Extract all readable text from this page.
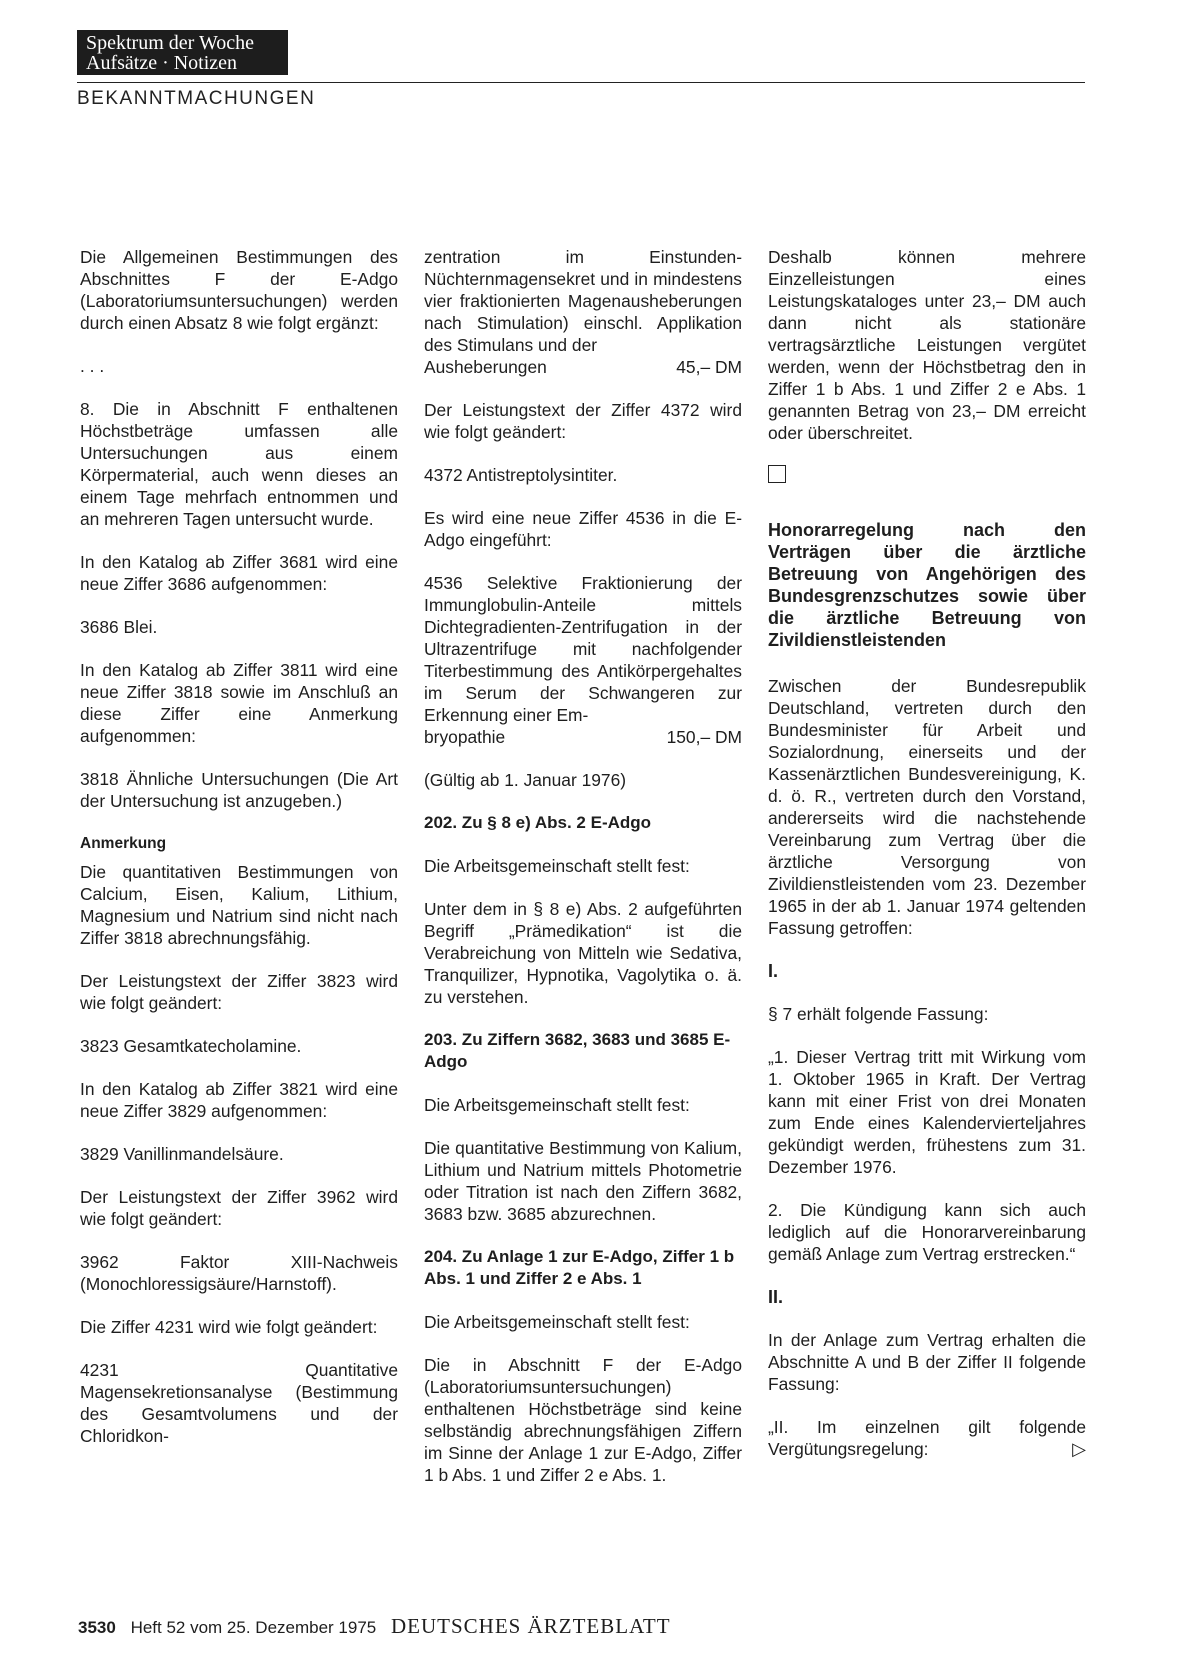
Spektrum der Woche
Aufsätze · Notizen
BEKANNTMACHUNGEN

Die Allgemeinen Bestimmungen des Abschnittes F der E-Adgo (Laboratoriumsuntersuchungen) werden durch einen Absatz 8 wie folgt ergänzt:

. . .

8. Die in Abschnitt F enthaltenen Höchstbeträge umfassen alle Untersuchungen aus einem Körpermaterial, auch wenn dieses an einem Tage mehrfach entnommen und an mehreren Tagen untersucht wurde.

In den Katalog ab Ziffer 3681 wird eine neue Ziffer 3686 aufgenommen:

3686 Blei.

In den Katalog ab Ziffer 3811 wird eine neue Ziffer 3818 sowie im Anschluß an diese Ziffer eine Anmerkung aufgenommen:

3818 Ähnliche Untersuchungen (Die Art der Untersuchung ist anzugeben.)

Anmerkung

Die quantitativen Bestimmungen von Calcium, Eisen, Kalium, Lithium, Magnesium und Natrium sind nicht nach Ziffer 3818 abrechnungsfähig.

Der Leistungstext der Ziffer 3823 wird wie folgt geändert:

3823 Gesamtkatecholamine.

In den Katalog ab Ziffer 3821 wird eine neue Ziffer 3829 aufgenommen:

3829 Vanillinmandelsäure.

Der Leistungstext der Ziffer 3962 wird wie folgt geändert:

3962 Faktor XIII-Nachweis (Monochloressigsäure/Harnstoff).

Die Ziffer 4231 wird wie folgt geändert:

4231 Quantitative Magensekretionsanalyse (Bestimmung des Gesamtvolumens und der Chloridkon-

zentration im Einstunden-Nüchternmagensekret und in mindestens vier fraktionierten Magenausheberungen nach Stimulation) einschl. Applikation des Stimulans und der

Ausheberungen	45,– DM

Der Leistungstext der Ziffer 4372 wird wie folgt geändert:

4372 Antistreptolysintiter.

Es wird eine neue Ziffer 4536 in die E-Adgo eingeführt:

4536 Selektive Fraktionierung der Immunglobulin-Anteile mittels Dichtegradienten-Zentrifugation in der Ultrazentrifuge mit nachfolgender Titerbestimmung des Antikörpergehaltes im Serum der Schwangeren zur Erkennung einer Em-

bryopathie	150,– DM

(Gültig ab 1. Januar 1976)

202. Zu § 8 e) Abs. 2 E-Adgo

Die Arbeitsgemeinschaft stellt fest:

Unter dem in § 8 e) Abs. 2 aufgeführten Begriff „Prämedikation“ ist die Verabreichung von Mitteln wie Sedativa, Tranquilizer, Hypnotika, Vagolytika o. ä. zu verstehen.

203. Zu Ziffern 3682, 3683 und 3685 E-Adgo

Die Arbeitsgemeinschaft stellt fest:

Die quantitative Bestimmung von Kalium, Lithium und Natrium mittels Photometrie oder Titration ist nach den Ziffern 3682, 3683 bzw. 3685 abzurechnen.

204. Zu Anlage 1 zur E-Adgo, Ziffer 1 b Abs. 1 und Ziffer 2 e Abs. 1

Die Arbeitsgemeinschaft stellt fest:

Die in Abschnitt F der E-Adgo (Laboratoriumsuntersuchungen) enthaltenen Höchstbeträge sind keine selbständig abrechnungsfähigen Ziffern im Sinne der Anlage 1 zur E-Adgo, Ziffer 1 b Abs. 1 und Ziffer 2 e Abs. 1.

Deshalb können mehrere Einzelleistungen eines Leistungskataloges unter 23,– DM auch dann nicht als stationäre vertragsärztliche Leistungen vergütet werden, wenn der Höchstbetrag den in Ziffer 1 b Abs. 1 und Ziffer 2 e Abs. 1 genannten Betrag von 23,– DM erreicht oder überschreitet.

Honorarregelung nach den Verträgen über die ärztliche Betreuung von Angehörigen des Bundesgrenzschutzes sowie über die ärztliche Betreuung von Zivildienstleistenden

Zwischen der Bundesrepublik Deutschland, vertreten durch den Bundesminister für Arbeit und Sozialordnung, einerseits und der Kassenärztlichen Bundesvereinigung, K. d. ö. R., vertreten durch den Vorstand, andererseits wird die nachstehende Vereinbarung zum Vertrag über die ärztliche Versorgung von Zivildienstleistenden vom 23. Dezember 1965 in der ab 1. Januar 1974 geltenden Fassung getroffen:

I.

§ 7 erhält folgende Fassung:

„1. Dieser Vertrag tritt mit Wirkung vom 1. Oktober 1965 in Kraft. Der Vertrag kann mit einer Frist von drei Monaten zum Ende eines Kalendervierteljahres gekündigt werden, frühestens zum 31. Dezember 1976.

2. Die Kündigung kann sich auch lediglich auf die Honorarvereinbarung gemäß Anlage zum Vertrag erstrecken.“

II.

In der Anlage zum Vertrag erhalten die Abschnitte A und B der Ziffer II folgende Fassung:

„II. Im einzelnen gilt folgende Vergütungsregelung:	▷

3530 Heft 52 vom 25. Dezember 1975 DEUTSCHES ÄRZTEBLATT
